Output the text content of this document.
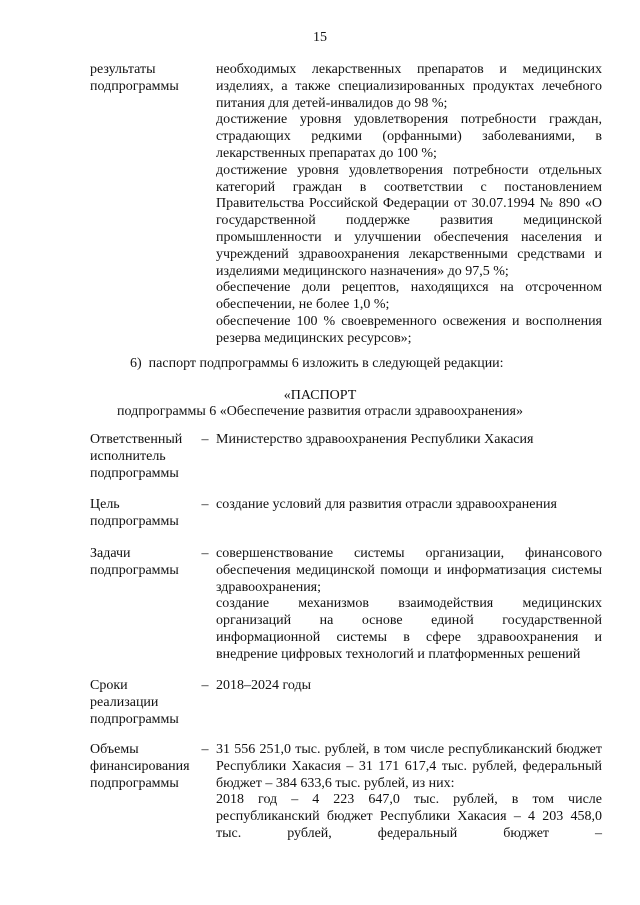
15
результаты
подпрограммы

необходимых лекарственных препаратов и медицинских изделиях, а также специализированных продуктах лечебного питания для детей-инвалидов до 98 %;

достижение уровня удовлетворения потребности граждан, страдающих редкими (орфанными) заболеваниями, в лекарственных препаратах до 100 %;

достижение уровня удовлетворения потребности отдельных категорий граждан в соответствии с постановлением Правительства Российской Федерации от 30.07.1994 № 890 «О государственной поддержке развития медицинской промышленности и улучшении обеспечения населения и учреждений здравоохранения лекарственными средствами и изделиями медицинского назначения» до 97,5 %;

обеспечение доли рецептов, находящихся на отсроченном обеспечении, не более 1,0 %;

обеспечение 100 % своевременного освежения и восполнения резерва медицинских ресурсов»;

6)  паспорт подпрограммы 6 изложить в следующей редакции:
«ПАСПОРТ
подпрограммы 6 «Обеспечение развития отрасли здравоохранения»
Ответственный
исполнитель
подпрограммы
– Министерство здравоохранения Республики Хакасия

Цель
подпрограммы
– создание условий для развития отрасли здравоохранения

Задачи
подпрограммы
– совершенствование системы организации, финансового обеспечения медицинской помощи и информатизация системы здравоохранения;

создание механизмов взаимодействия медицинских организаций на основе единой государственной информационной системы в сфере здравоохранения и внедрение цифровых технологий и платформенных решений

Сроки
реализации
подпрограммы
– 2018–2024 годы

Объемы
финансирования
подпрограммы
– 31 556 251,0 тыс. рублей, в том числе республиканский бюджет Республики Хакасия – 31 171 617,4 тыс. рублей, федеральный бюджет – 384 633,6 тыс. рублей, из них:

2018 год – 4 223 647,0 тыс. рублей, в том числе республиканский бюджет Республики Хакасия – 4 203 458,0 тыс. рублей, федеральный бюджет –
